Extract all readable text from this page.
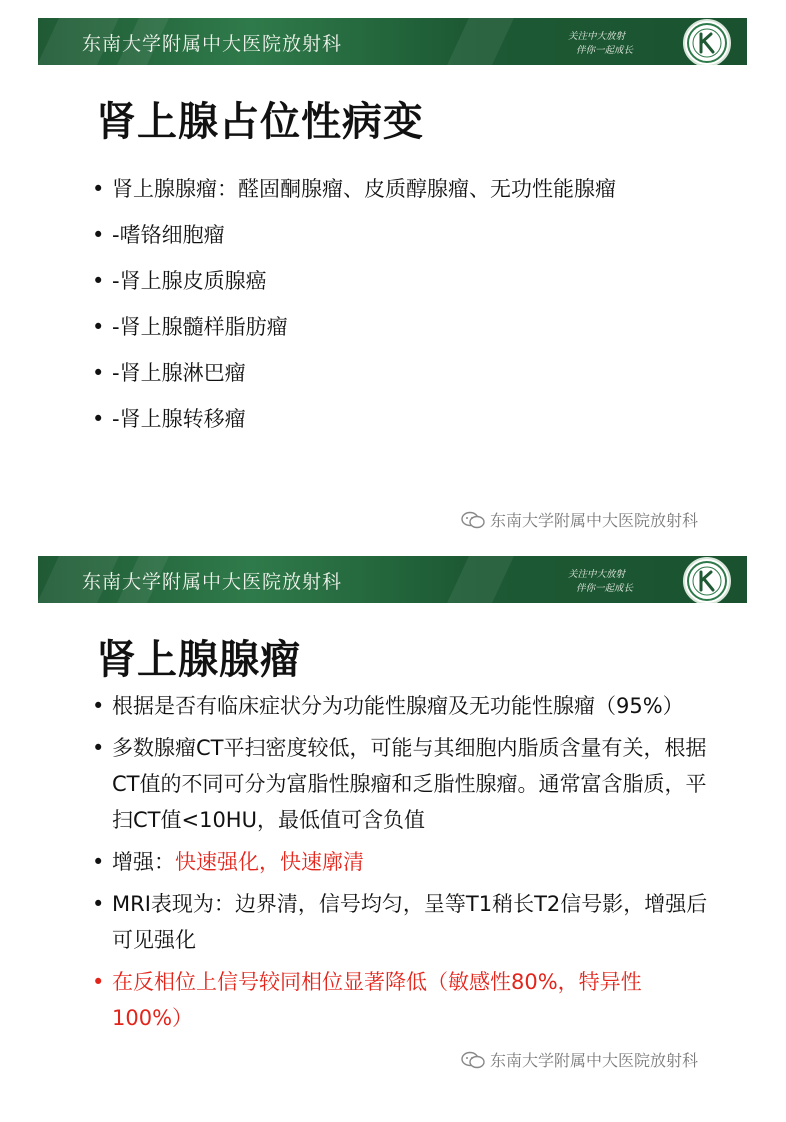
东南大学附属中大医院放射科	关注中大放射
伴你一起成长
肾上腺占位性病变
• 肾上腺腺瘤：醛固酮腺瘤、皮质醇腺瘤、无功性能腺瘤
• -嗜铬细胞瘤
• -肾上腺皮质腺癌
• -肾上腺髓样脂肪瘤
• -肾上腺淋巴瘤
• -肾上腺转移瘤
东南大学附属中大医院放射科
东南大学附属中大医院放射科	关注中大放射
伴你一起成长
肾上腺腺瘤
• 根据是否有临床症状分为功能性腺瘤及无功能性腺瘤（95%）
• 多数腺瘤CT平扫密度较低，可能与其细胞内脂质含量有关，根据CT值的不同可分为富脂性腺瘤和乏脂性腺瘤。通常富含脂质，平扫CT值<10HU，最低值可含负值
• 增强：快速强化，快速廓清
• MRI表现为：边界清，信号均匀，呈等T1稍长T2信号影，增强后可见强化
• 在反相位上信号较同相位显著降低（敏感性80%，特异性100%）
东南大学附属中大医院放射科
